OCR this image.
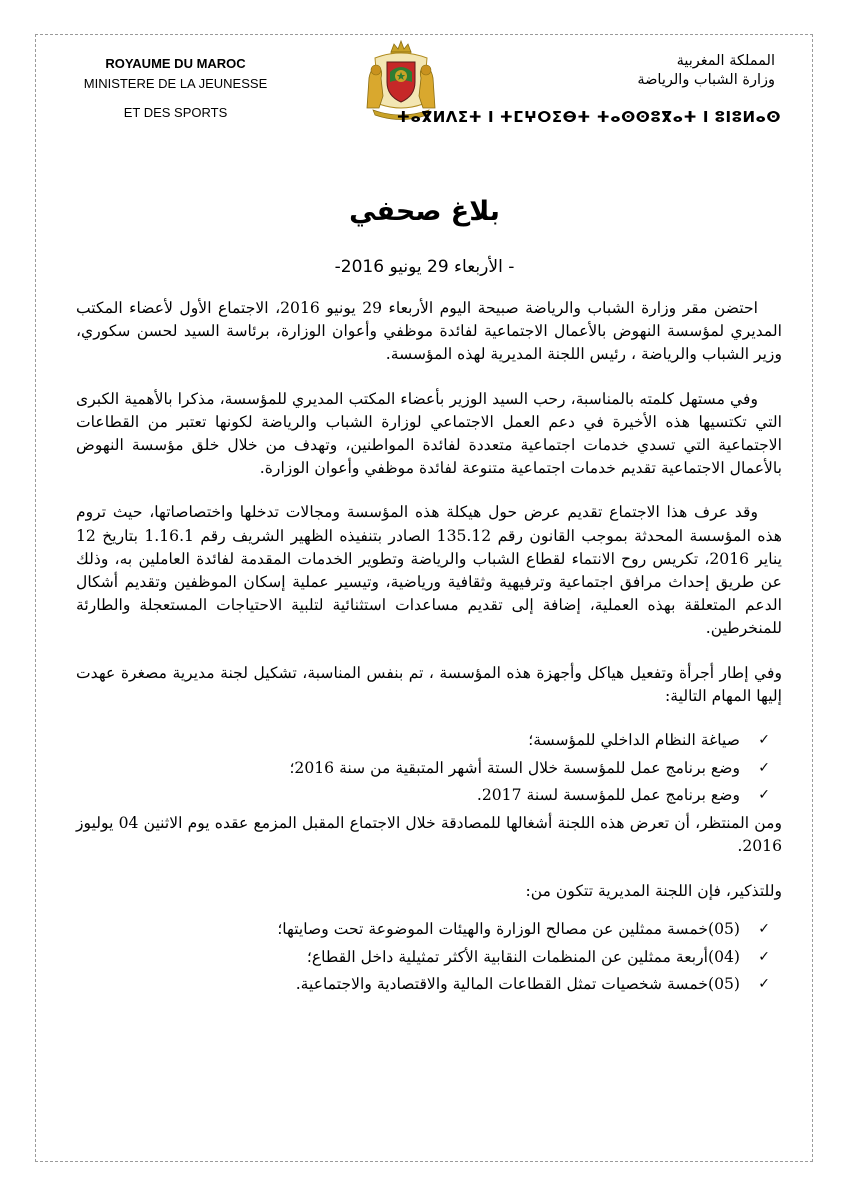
ROYAUME DU MAROC
MINISTERE DE LA JEUNESSE
ET DES SPORTS
المملكة المغربية
وزارة الشباب والرياضة
ⵜⴰⴳⵍⴷⵉⵜ ⵏ ⵜⵎⵖⵔⵉⴱⵜ ⵜⴰⵙⵙⵓⴳⴰⵜ ⵏ ⵓⵏⵓⵍⴰⵙ
بلاغ صحفي
- الأربعاء 29 يونيو 2016-

احتضن مقر وزارة الشباب والرياضة صبيحة اليوم الأربعاء 29 يونيو 2016، الاجتماع الأول لأعضاء المكتب المديري لمؤسسة النهوض بالأعمال الاجتماعية لفائدة موظفي وأعوان الوزارة، برئاسة السيد لحسن سكوري، وزير الشباب والرياضة ، رئيس اللجنة المديرية لهذه المؤسسة.

وفي مستهل كلمته بالمناسبة، رحب السيد الوزير بأعضاء المكتب المديري للمؤسسة، مذكرا بالأهمية الكبرى التي تكتسيها هذه الأخيرة في دعم العمل الاجتماعي لوزارة الشباب والرياضة لكونها تعتبر من القطاعات الاجتماعية التي تسدي خدمات اجتماعية متعددة لفائدة المواطنين، وتهدف من خلال خلق مؤسسة النهوض بالأعمال الاجتماعية تقديم خدمات اجتماعية متنوعة لفائدة موظفي وأعوان الوزارة.

وقد عرف هذا الاجتماع تقديم عرض حول هيكلة هذه المؤسسة ومجالات تدخلها واختصاصاتها، حيث تروم هذه المؤسسة المحدثة بموجب القانون رقم 135.12 الصادر بتنفيذه الظهير الشريف رقم 1.16.1 بتاريخ 12 يناير 2016، تكريس روح الانتماء لقطاع الشباب والرياضة وتطوير الخدمات المقدمة لفائدة العاملين به، وذلك عن طريق إحداث مرافق اجتماعية وترفيهية وثقافية ورياضية، وتيسير عملية إسكان الموظفين وتقديم أشكال الدعم المتعلقة بهذه العملية، إضافة إلى تقديم مساعدات استثنائية لتلبية الاحتياجات المستعجلة والطارئة للمنخرطين.

وفي إطار أجرأة وتفعيل هياكل وأجهزة هذه المؤسسة ، تم بنفس المناسبة، تشكيل لجنة مديرية مصغرة عهدت إليها المهام التالية:

✓
صياغة النظام الداخلي للمؤسسة؛
✓
وضع برنامج عمل للمؤسسة خلال الستة أشهر المتبقية من سنة 2016؛
✓
وضع برنامج عمل للمؤسسة لسنة 2017.

ومن المنتظر، أن تعرض هذه اللجنة أشغالها للمصادقة خلال الاجتماع المقبل المزمع عقده يوم الاثنين 04 يوليوز 2016.

وللتذكير، فإن اللجنة المديرية تتكون من:

✓
(05)خمسة ممثلين عن مصالح الوزارة والهيئات الموضوعة تحت وصايتها؛
✓
(04)أربعة ممثلين عن المنظمات النقابية الأكثر تمثيلية داخل القطاع؛
✓
(05)خمسة شخصيات تمثل القطاعات المالية والاقتصادية والاجتماعية.
